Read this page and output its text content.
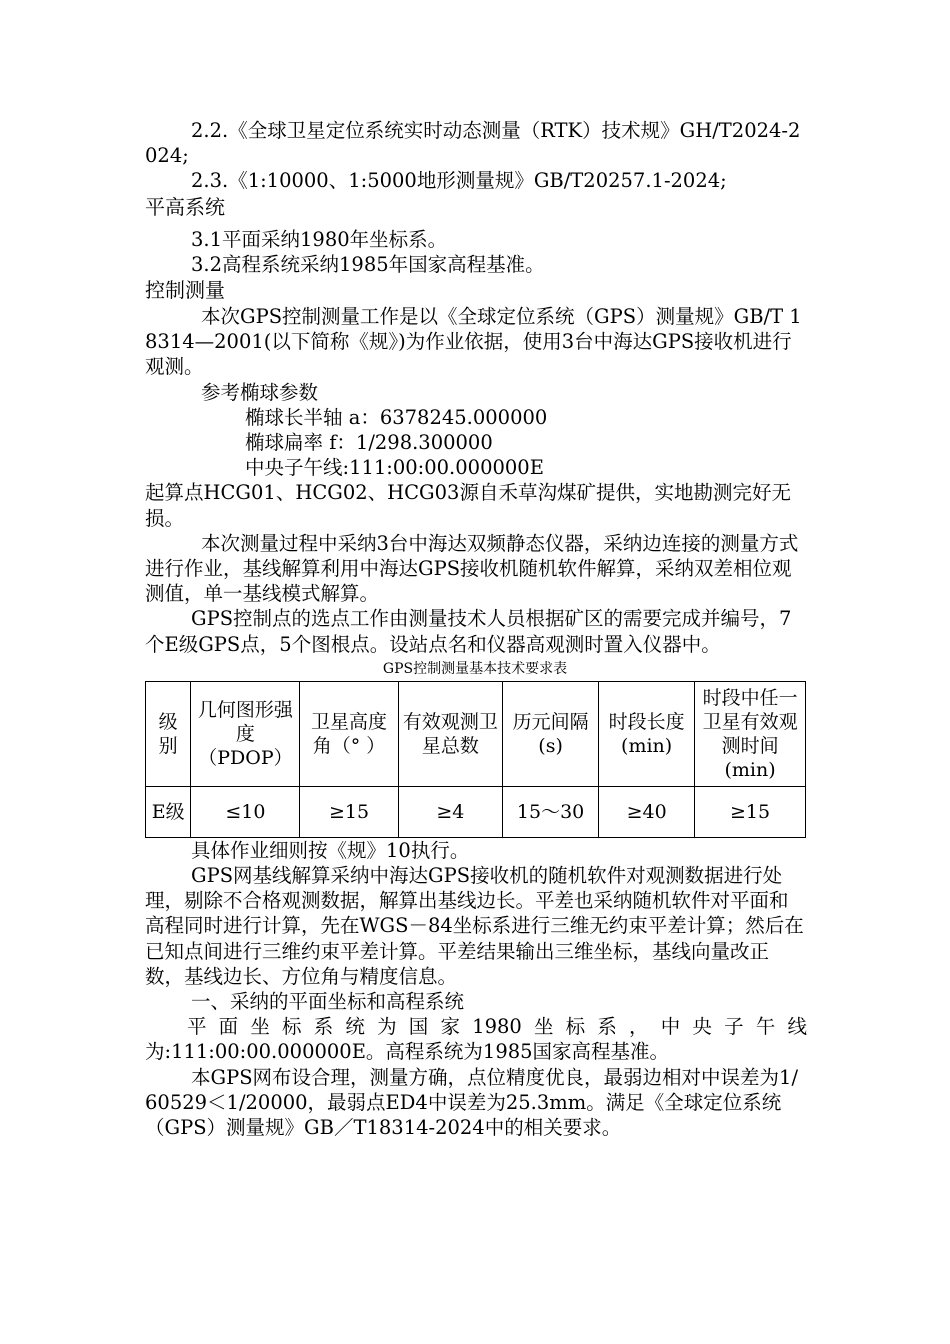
2.2.《全球卫星定位系统实时动态测量（RTK）技术规》GH/T2024-2024;

2.3.《1:10000、1:5000地形测量规》GB/T20257.1-2024;

平高系统

3.1平面采纳1980年坐标系。

3.2高程系统采纳1985年国家高程基准。

控制测量

本次GPS控制测量工作是以《全球定位系统（GPS）测量规》GB/T 18314—2001(以下简称《规》)为作业依据，使用3台中海达GPS接收机进行观测。

参考椭球参数

椭球长半轴 a：6378245.000000

椭球扁率 f：1/298.300000

中央子午线:111:00:00.000000E

起算点HCG01、HCG02、HCG03源自禾草沟煤矿提供，实地勘测完好无损。

本次测量过程中采纳3台中海达双频静态仪器，采纳边连接的测量方式进行作业，基线解算利用中海达GPS接收机随机软件解算，采纳双差相位观测值，单一基线模式解算。

GPS控制点的选点工作由测量技术人员根据矿区的需要完成并编号，7个E级GPS点，5个图根点。设站点名和仪器高观测时置入仪器中。

GPS控制测量基本技术要求表

级别	几何图形强度（PDOP）	卫星高度角（° ）	有效观测卫星总数	历元间隔(s)	时段长度(min)	时段中任一卫星有效观测时间(min)
E级	≤10	≥15	≥4	15～30	≥40	≥15

具体作业细则按《规》10执行。

GPS网基线解算采纳中海达GPS接收机的随机软件对观测数据进行处理，剔除不合格观测数据，解算出基线边长。平差也采纳随机软件对平面和高程同时进行计算，先在WGS－84坐标系进行三维无约束平差计算；然后在已知点间进行三维约束平差计算。平差结果输出三维坐标，基线向量改正数，基线边长、方位角与精度信息。

一、采纳的平面坐标和高程系统

平面坐标系统为国家1980坐标系，中央子午线

为:111:00:00.000000E。高程系统为1985国家高程基准。

本GPS网布设合理，测量方确，点位精度优良，最弱边相对中误差为1/60529＜1/20000，最弱点ED4中误差为25.3mm。满足《全球定位系统（GPS）测量规》GB／T18314-2024中的相关要求。
